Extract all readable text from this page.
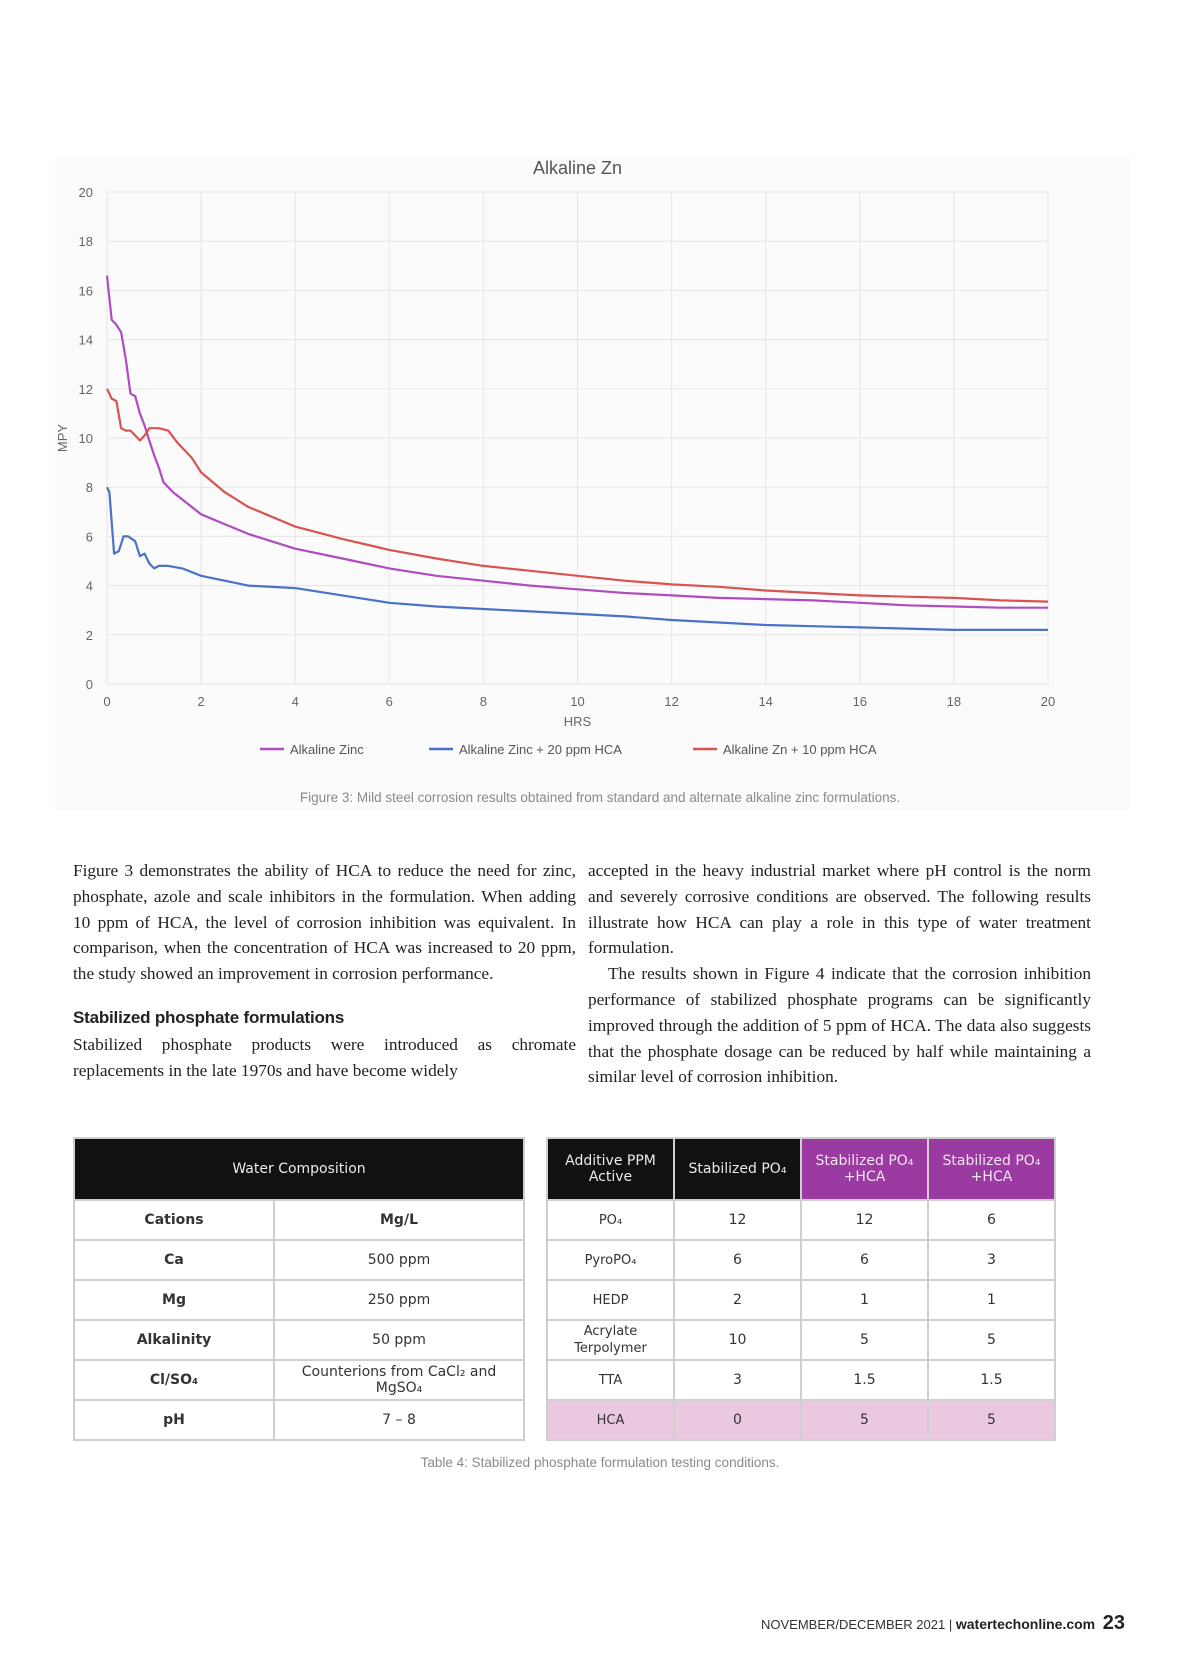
Alkaline Zn
0	2	4	6	8	10	12	14	16	18	20
0
2
4
6
8
10
12
14
16
18
20
HRS
MPY
Alkaline Zinc	Alkaline Zinc + 20 ppm HCA	Alkaline Zn + 10 ppm HCA
Figure 3: Mild steel corrosion results obtained from standard and alternate alkaline zinc formulations.

Figure 3 demonstrates the ability of HCA to reduce the need for zinc, phosphate, azole and scale inhibitors in the formulation. When adding 10 ppm of HCA, the level of corrosion inhibition was equivalent. In comparison, when the concentration of HCA was increased to 20 ppm, the study showed an improvement in corrosion performance.

Stabilized phosphate formulations

Stabilized phosphate products were introduced as chromate replacements in the late 1970s and have become widely

accepted in the heavy industrial market where pH control is the norm and severely corrosive conditions are observed. The following results illustrate how HCA can play a role in this type of water treatment formulation.

The results shown in Figure 4 indicate that the corrosion inhibition performance of stabilized phosphate programs can be significantly improved through the addition of 5 ppm of HCA. The data also suggests that the phosphate dosage can be reduced by half while maintaining a similar level of corrosion inhibition.

Water Composition	
Cations	Mg/L
Ca	500 ppm
Mg	250 ppm
Alkalinity	50 ppm
Cl/SO₄	Counterions from CaCl₂ and MgSO₄
pH	7 – 8
Additive PPM Active	Stabilized PO₄	Stabilized PO₄ +HCA	Stabilized PO₄ +HCA
PO₄	12	12	6
PyroPO₄	6	6	3
HEDP	2	1	1
Acrylate Terpolymer	10	5	5
TTA	3	1.5	1.5
HCA	0	5	5
Table 4: Stabilized phosphate formulation testing conditions.
NOVEMBER/DECEMBER 2021 | watertechonline.com 23
